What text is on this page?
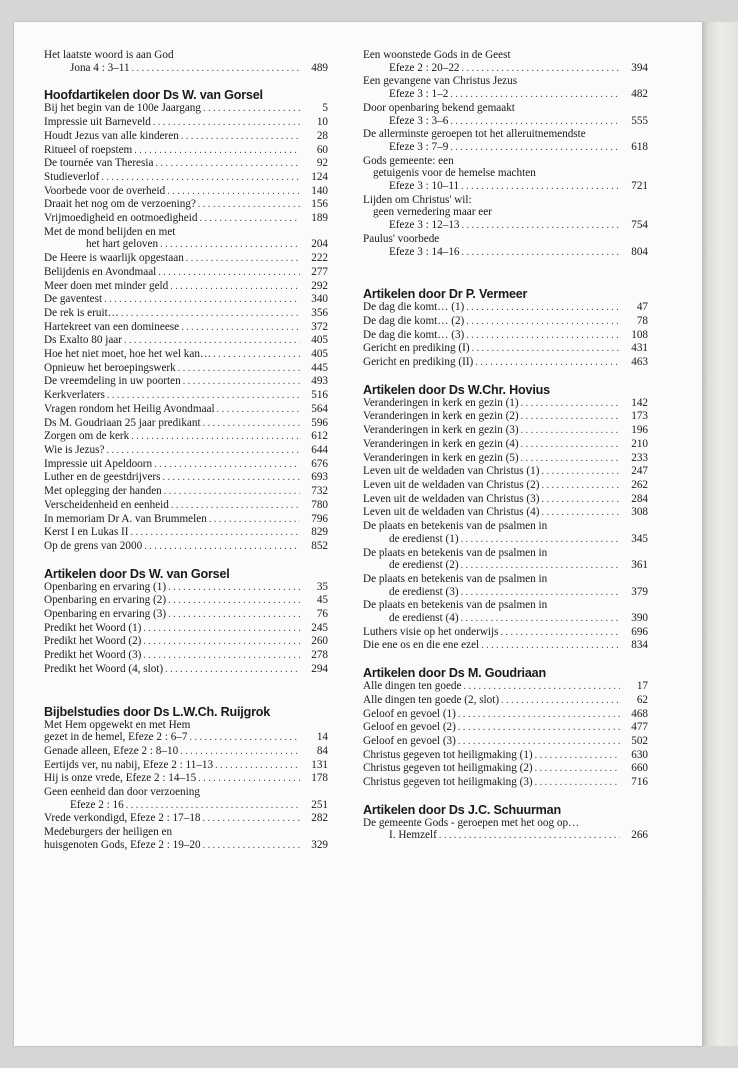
Het laatste woord is aan God
Jona 4 : 3–11 . . .	489
Hoofdartikelen door Ds W. van Gorsel
Bij het begin van de 100e Jaargang . . .	5
Impressie uit Barneveld . . .	10
Houdt Jezus van alle kinderen . . .	28
Ritueel of roepstem . . .	60
De tournée van Theresia . . .	92
Studieverlof . . .	124
Voorbede voor de overheid . . .	140
Draait het nog om de verzoening? . . .	156
Vrijmoedigheid en ootmoedigheid . . .	189
Met de mond belijden en met
het hart geloven . . .	204
De Heere is waarlijk opgestaan . . .	222
Belijdenis en Avondmaal . . .	277
Meer doen met minder geld . . .	292
De gaventest . . .	340
De rek is eruit… . . .	356
Hartekreet van een domineese . . .	372
Ds Exalto 80 jaar . . .	405
Hoe het niet moet, hoe het wel kan… . . .	405
Opnieuw het beroepingswerk . . .	445
De vreemdeling in uw poorten . . .	493
Kerkverlaters . . .	516
Vragen rondom het Heilig Avondmaal . . .	564
Ds M. Goudriaan 25 jaar predikant . . .	596
Zorgen om de kerk . . .	612
Wie is Jezus? . . .	644
Impressie uit Apeldoorn . . .	676
Luther en de geestdrijvers . . .	693
Met oplegging der handen . . .	732
Verscheidenheid en eenheid . . .	780
In memoriam Dr A. van Brummelen . . .	796
Kerst I en Lukas II . . .	829
Op de grens van 2000 . . .	852
Artikelen door Ds W. van Gorsel
Openbaring en ervaring (1) . . .	35
Openbaring en ervaring (2) . . .	45
Openbaring en ervaring (3) . . .	76
Predikt het Woord (1) . . .	245
Predikt het Woord (2) . . .	260
Predikt het Woord (3) . . .	278
Predikt het Woord (4, slot) . . .	294
Bijbelstudies door Ds L.W.Ch. Ruijgrok
Met Hem opgewekt en met Hem
gezet in de hemel, Efeze 2 : 6–7 . . .	14
Genade alleen, Efeze 2 : 8–10 . . .	84
Eertijds ver, nu nabij, Efeze 2 : 11–13 . . .	131
Hij is onze vrede, Efeze 2 : 14–15 . . .	178
Geen eenheid dan door verzoening
Efeze 2 : 16 . . .	251
Vrede verkondigd, Efeze 2 : 17–18 . . .	282
Medeburgers der heiligen en
huisgenoten Gods, Efeze 2 : 19–20 . . .	329
Een woonstede Gods in de Geest
Efeze 2 : 20–22 . . .	394
Een gevangene van Christus Jezus
Efeze 3 : 1–2 . . .	482
Door openbaring bekend gemaakt
Efeze 3 : 3–6 . . .	555
De allerminste geroepen tot het alleruitnemendste
Efeze 3 : 7–9 . . .	618
Gods gemeente: een
getuigenis voor de hemelse machten
Efeze 3 : 10–11 . . .	721
Lijden om Christus' wil:
geen vernedering maar eer
Efeze 3 : 12–13 . . .	754
Paulus' voorbede
Efeze 3 : 14–16 . . .	804
Artikelen door Dr P. Vermeer
De dag die komt… (1) . . .	47
De dag die komt… (2) . . .	78
De dag die komt… (3) . . .	108
Gericht en prediking (I) . . .	431
Gericht en prediking (II) . . .	463
Artikelen door Ds W.Chr. Hovius
Veranderingen in kerk en gezin (1) . . .	142
Veranderingen in kerk en gezin (2) . . .	173
Veranderingen in kerk en gezin (3) . . .	196
Veranderingen in kerk en gezin (4) . . .	210
Veranderingen in kerk en gezin (5) . . .	233
Leven uit de weldaden van Christus (1) . . .	247
Leven uit de weldaden van Christus (2) . . .	262
Leven uit de weldaden van Christus (3) . . .	284
Leven uit de weldaden van Christus (4) . . .	308
De plaats en betekenis van de psalmen in
de eredienst (1) . . .	345
De plaats en betekenis van de psalmen in
de eredienst (2) . . .	361
De plaats en betekenis van de psalmen in
de eredienst (3) . . .	379
De plaats en betekenis van de psalmen in
de eredienst (4) . . .	390
Luthers visie op het onderwijs . . .	696
Die ene os en die ene ezel . . .	834
Artikelen door Ds M. Goudriaan
Alle dingen ten goede . . .	17
Alle dingen ten goede (2, slot) . . .	62
Geloof en gevoel (1) . . .	468
Geloof en gevoel (2) . . .	477
Geloof en gevoel (3) . . .	502
Christus gegeven tot heiligmaking (1) . . .	630
Christus gegeven tot heiligmaking (2) . . .	660
Christus gegeven tot heiligmaking (3) . . .	716
Artikelen door Ds J.C. Schuurman
De gemeente Gods - geroepen met het oog op…
I. Hemzelf . . .	266
